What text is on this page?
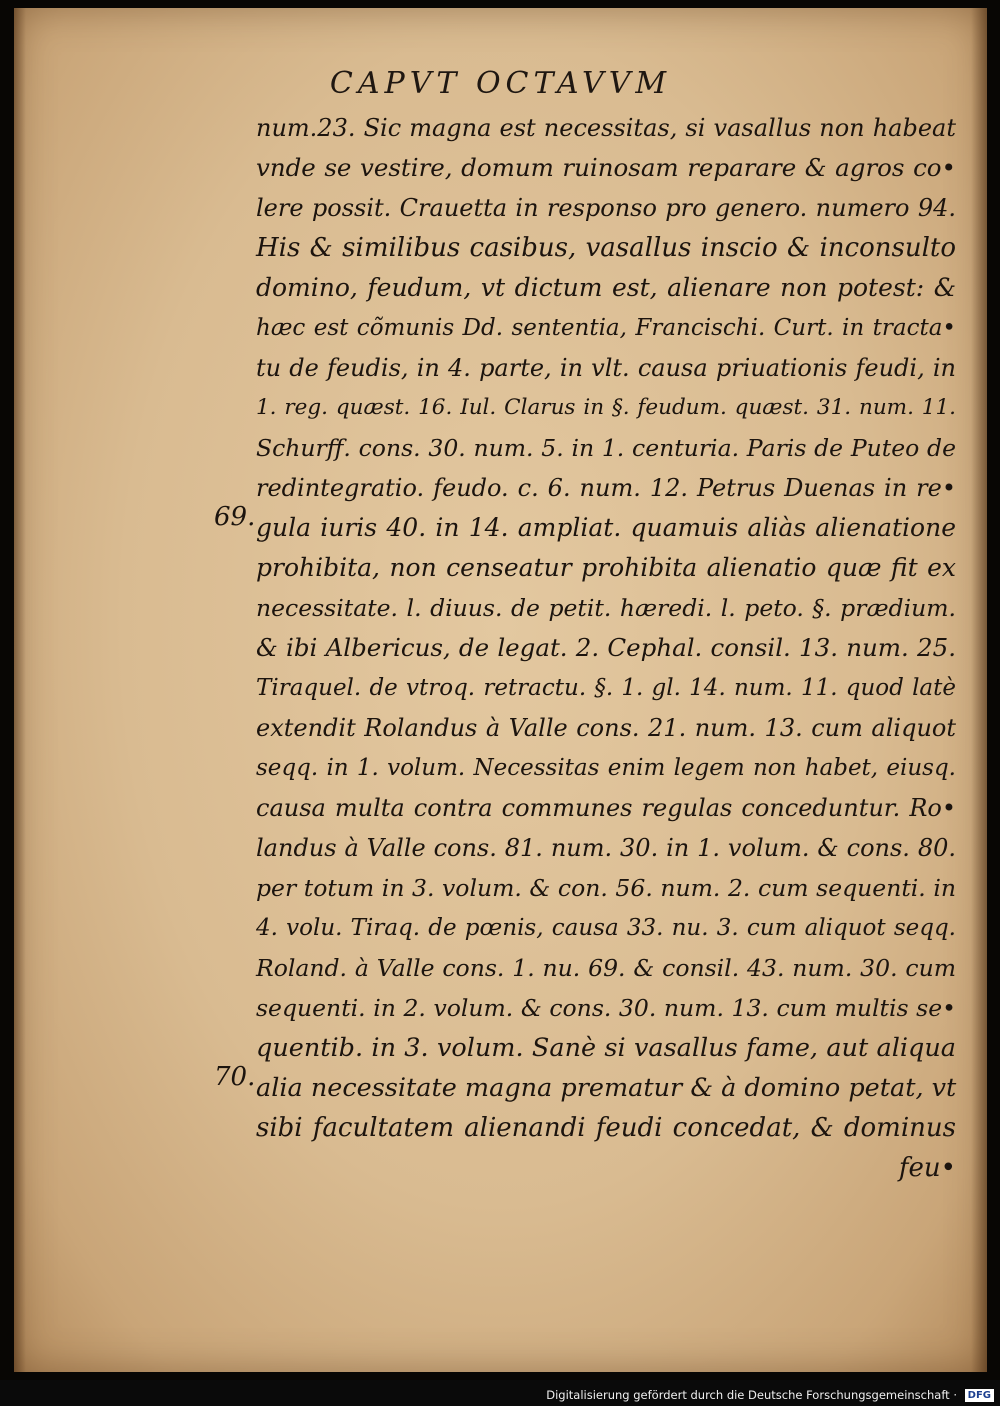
CAPVT OCTAVVM
69.
70.
num.23. Sic magna est necessitas, si vasallus non habeat
vnde se vestire, domum ruinosam reparare & agros co•
lere possit. Crauetta in responso pro genero. numero 94.
His & similibus casibus, vasallus inscio & inconsulto
domino, feudum, vt dictum est, alienare non potest: &
hæc est cõmunis Dd. sententia, Francischi. Curt. in tracta•
tu de feudis, in 4. parte, in vlt. causa priuationis feudi, in
1. reg. quæst. 16. Iul. Clarus in §. feudum. quæst. 31. num. 11.
Schurff. cons. 30. num. 5. in 1. centuria. Paris de Puteo de
redintegratio. feudo. c. 6. num. 12. Petrus Duenas in re•
gula iuris 40. in 14. ampliat. quamuis aliàs alienatione
prohibita, non censeatur prohibita alienatio quæ fit ex
necessitate. l. diuus. de petit. hæredi. l. peto. §. prædium.
& ibi Albericus, de legat. 2. Cephal. consil. 13. num. 25.
Tiraquel. de vtroq. retractu. §. 1. gl. 14. num. 11. quod latè
extendit Rolandus à Valle cons. 21. num. 13. cum aliquot
seqq. in 1. volum. Necessitas enim legem non habet, eiusq.
causa multa contra communes regulas conceduntur. Ro•
landus à Valle cons. 81. num. 30. in 1. volum. & cons. 80.
per totum in 3. volum. & con. 56. num. 2. cum sequenti. in
4. volu. Tiraq. de pœnis, causa 33. nu. 3. cum aliquot seqq.
Roland. à Valle cons. 1. nu. 69. & consil. 43. num. 30. cum
sequenti. in 2. volum. & cons. 30. num. 13. cum multis se•
quentib. in 3. volum. Sanè si vasallus fame, aut aliqua
alia necessitate magna prematur & à domino petat, vt
sibi facultatem alienandi feudi concedat, & dominus
feu•
Digitalisierung gefördert durch die Deutsche Forschungsgemeinschaft · DFG
